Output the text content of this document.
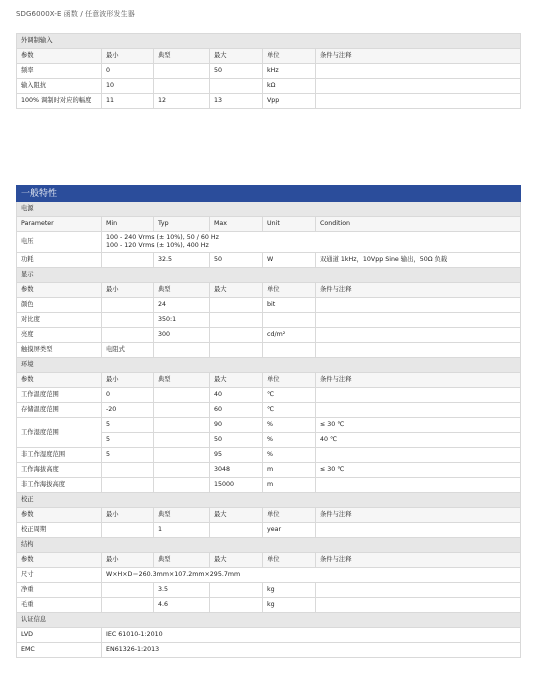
SDG6000X-E 函数 / 任意波形发生器
外调制输入					
参数	最小	典型	最大	单位	条件与注释
频率	0		50	kHz	
输入阻抗	10			kΩ	
100% 调制时对应的幅度	11	12	13	Vpp	
一般特性					
电源					
Parameter	Min	Typ	Max	Unit	Condition
电压	100 - 240 Vrms (± 10%), 50 / 60 Hz
100 - 120 Vrms (± 10%), 400 Hz				

功耗		32.5	50	W	双通道 1kHz，10Vpp Sine 输出，50Ω 负载
显示					
参数	最小	典型	最大	单位	条件与注释
颜色		24		bit	
对比度		350:1			
亮度		300		cd/m²	
触摸屏类型	电阻式				
环境					
参数	最小	典型	最大	单位	条件与注释
工作温度范围	0		40	℃	
存储温度范围	-20		60	℃	
工作湿度范围	5		90	%	≤ 30 ℃
	5		50	%	40 ℃
非工作湿度范围	5		95	%	
工作海拔高度			3048	m	≤ 30 ℃
非工作海拔高度			15000	m	
校正					
参数	最小	典型	最大	单位	条件与注释
校正周期		1		year	
结构					
参数	最小	典型	最大	单位	条件与注释
尺寸	W×H×D＝260.3mm×107.2mm×295.7mm				
净重		3.5		kg	
毛重		4.6		kg	
认证信息					
LVD	IEC 61010-1:2010				
EMC	EN61326-1:2013				
